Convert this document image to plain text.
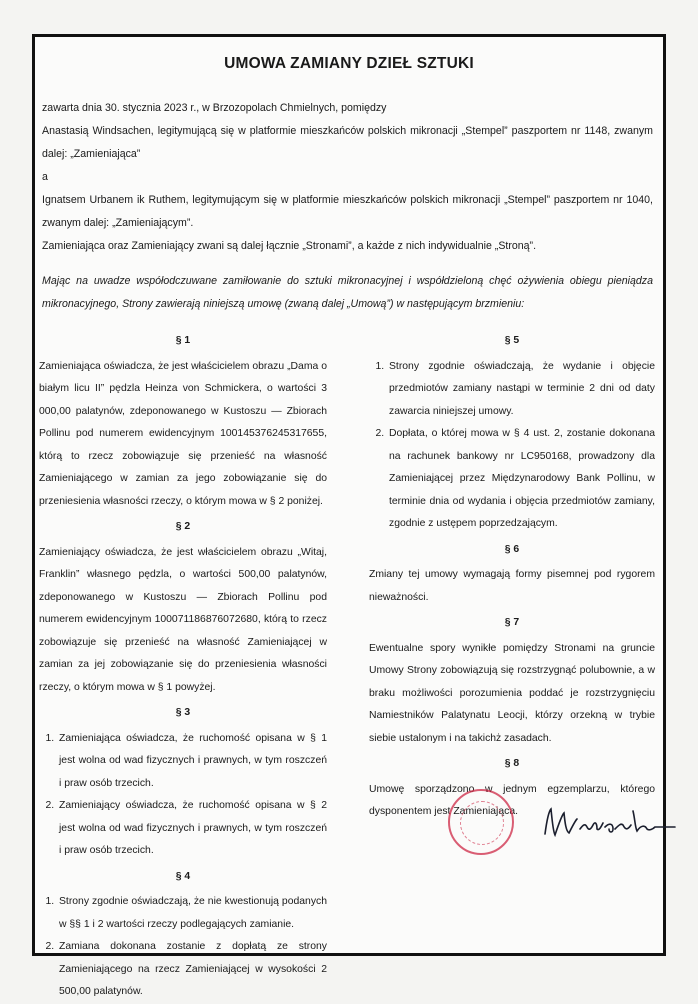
UMOWA ZAMIANY DZIEŁ SZTUKI

zawarta dnia 30. stycznia 2023 r., w Brzozopolach Chmielnych, pomiędzy

Anastasią Windsachen, legitymującą się w platformie mieszkańców polskich mikronacji „Stempel” paszportem nr 1148, zwanym dalej: „Zamieniająca”

a

Ignatsem Urbanem ik Ruthem, legitymującym się w platformie mieszkańców polskich mikronacji „Stempel” paszportem nr 1040, zwanym dalej: „Zamieniającym”.

Zamieniająca oraz Zamieniający zwani są dalej łącznie „Stronami”, a każde z nich indywidualnie „Stroną”.

Mając na uwadze współodczuwane zamiłowanie do sztuki mikronacyjnej i współdzieloną chęć ożywienia obiegu pieniądza mikronacyjnego, Strony zawierają niniejszą umowę (zwaną dalej „Umową”) w następującym brzmieniu:

§ 1

Zamieniająca oświadcza, że jest właścicielem obrazu „Dama o białym licu II” pędzla Heinza von Schmickera, o wartości 3 000,00 palatynów, zdeponowanego w Kustoszu — Zbiorach Pollinu pod numerem ewidencyjnym 100145376245317655, którą to rzecz zobowiązuje się przenieść na własność Zamieniającego w zamian za jego zobowiązanie się do przeniesienia własności rzeczy, o którym mowa w § 2 poniżej.

§ 2

Zamieniający oświadcza, że jest właścicielem obrazu „Witaj, Franklin” własnego pędzla, o wartości 500,00 palatynów, zdeponowanego w Kustoszu — Zbiorach Pollinu pod numerem ewidencyjnym 100071186876072680, którą to rzecz zobowiązuje się przenieść na własność Zamieniającej w zamian za jej zobowiązanie się do przeniesienia własności rzeczy, o którym mowa w § 1 powyżej.

§ 3
1. Zamieniająca oświadcza, że ruchomość opisana w § 1 jest wolna od wad fizycznych i prawnych, w tym roszczeń i praw osób trzecich.
2. Zamieniający oświadcza, że ruchomość opisana w § 2 jest wolna od wad fizycznych i prawnych, w tym roszczeń i praw osób trzecich.
§ 4
1. Strony zgodnie oświadczają, że nie kwestionują podanych w §§ 1 i 2 wartości rzeczy podlegających zamianie.
2. Zamiana dokonana zostanie z dopłatą ze strony Zamieniającego na rzecz Zamieniającej w wysokości 2 500,00 palatynów.
§ 5
1. Strony zgodnie oświadczają, że wydanie i objęcie przedmiotów zamiany nastąpi w terminie 2 dni od daty zawarcia niniejszej umowy.
2. Dopłata, o której mowa w § 4 ust. 2, zostanie dokonana na rachunek bankowy nr LC950168, prowadzony dla Zamieniającej przez Międzynarodowy Bank Pollinu, w terminie dnia od wydania i objęcia przedmiotów zamiany, zgodnie z ustępem poprzedzającym.
§ 6

Zmiany tej umowy wymagają formy pisemnej pod rygorem nieważności.

§ 7

Ewentualne spory wynikłe pomiędzy Stronami na gruncie Umowy Strony zobowiązują się rozstrzygnąć polubownie, a w braku możliwości porozumienia poddać je rozstrzygnięciu Namiestników Palatynatu Leocji, którzy orzekną w trybie siebie ustalonym i na takichż zasadach.

§ 8

Umowę sporządzono w jednym egzemplarzu, którego dysponentem jest Zamieniająca.
